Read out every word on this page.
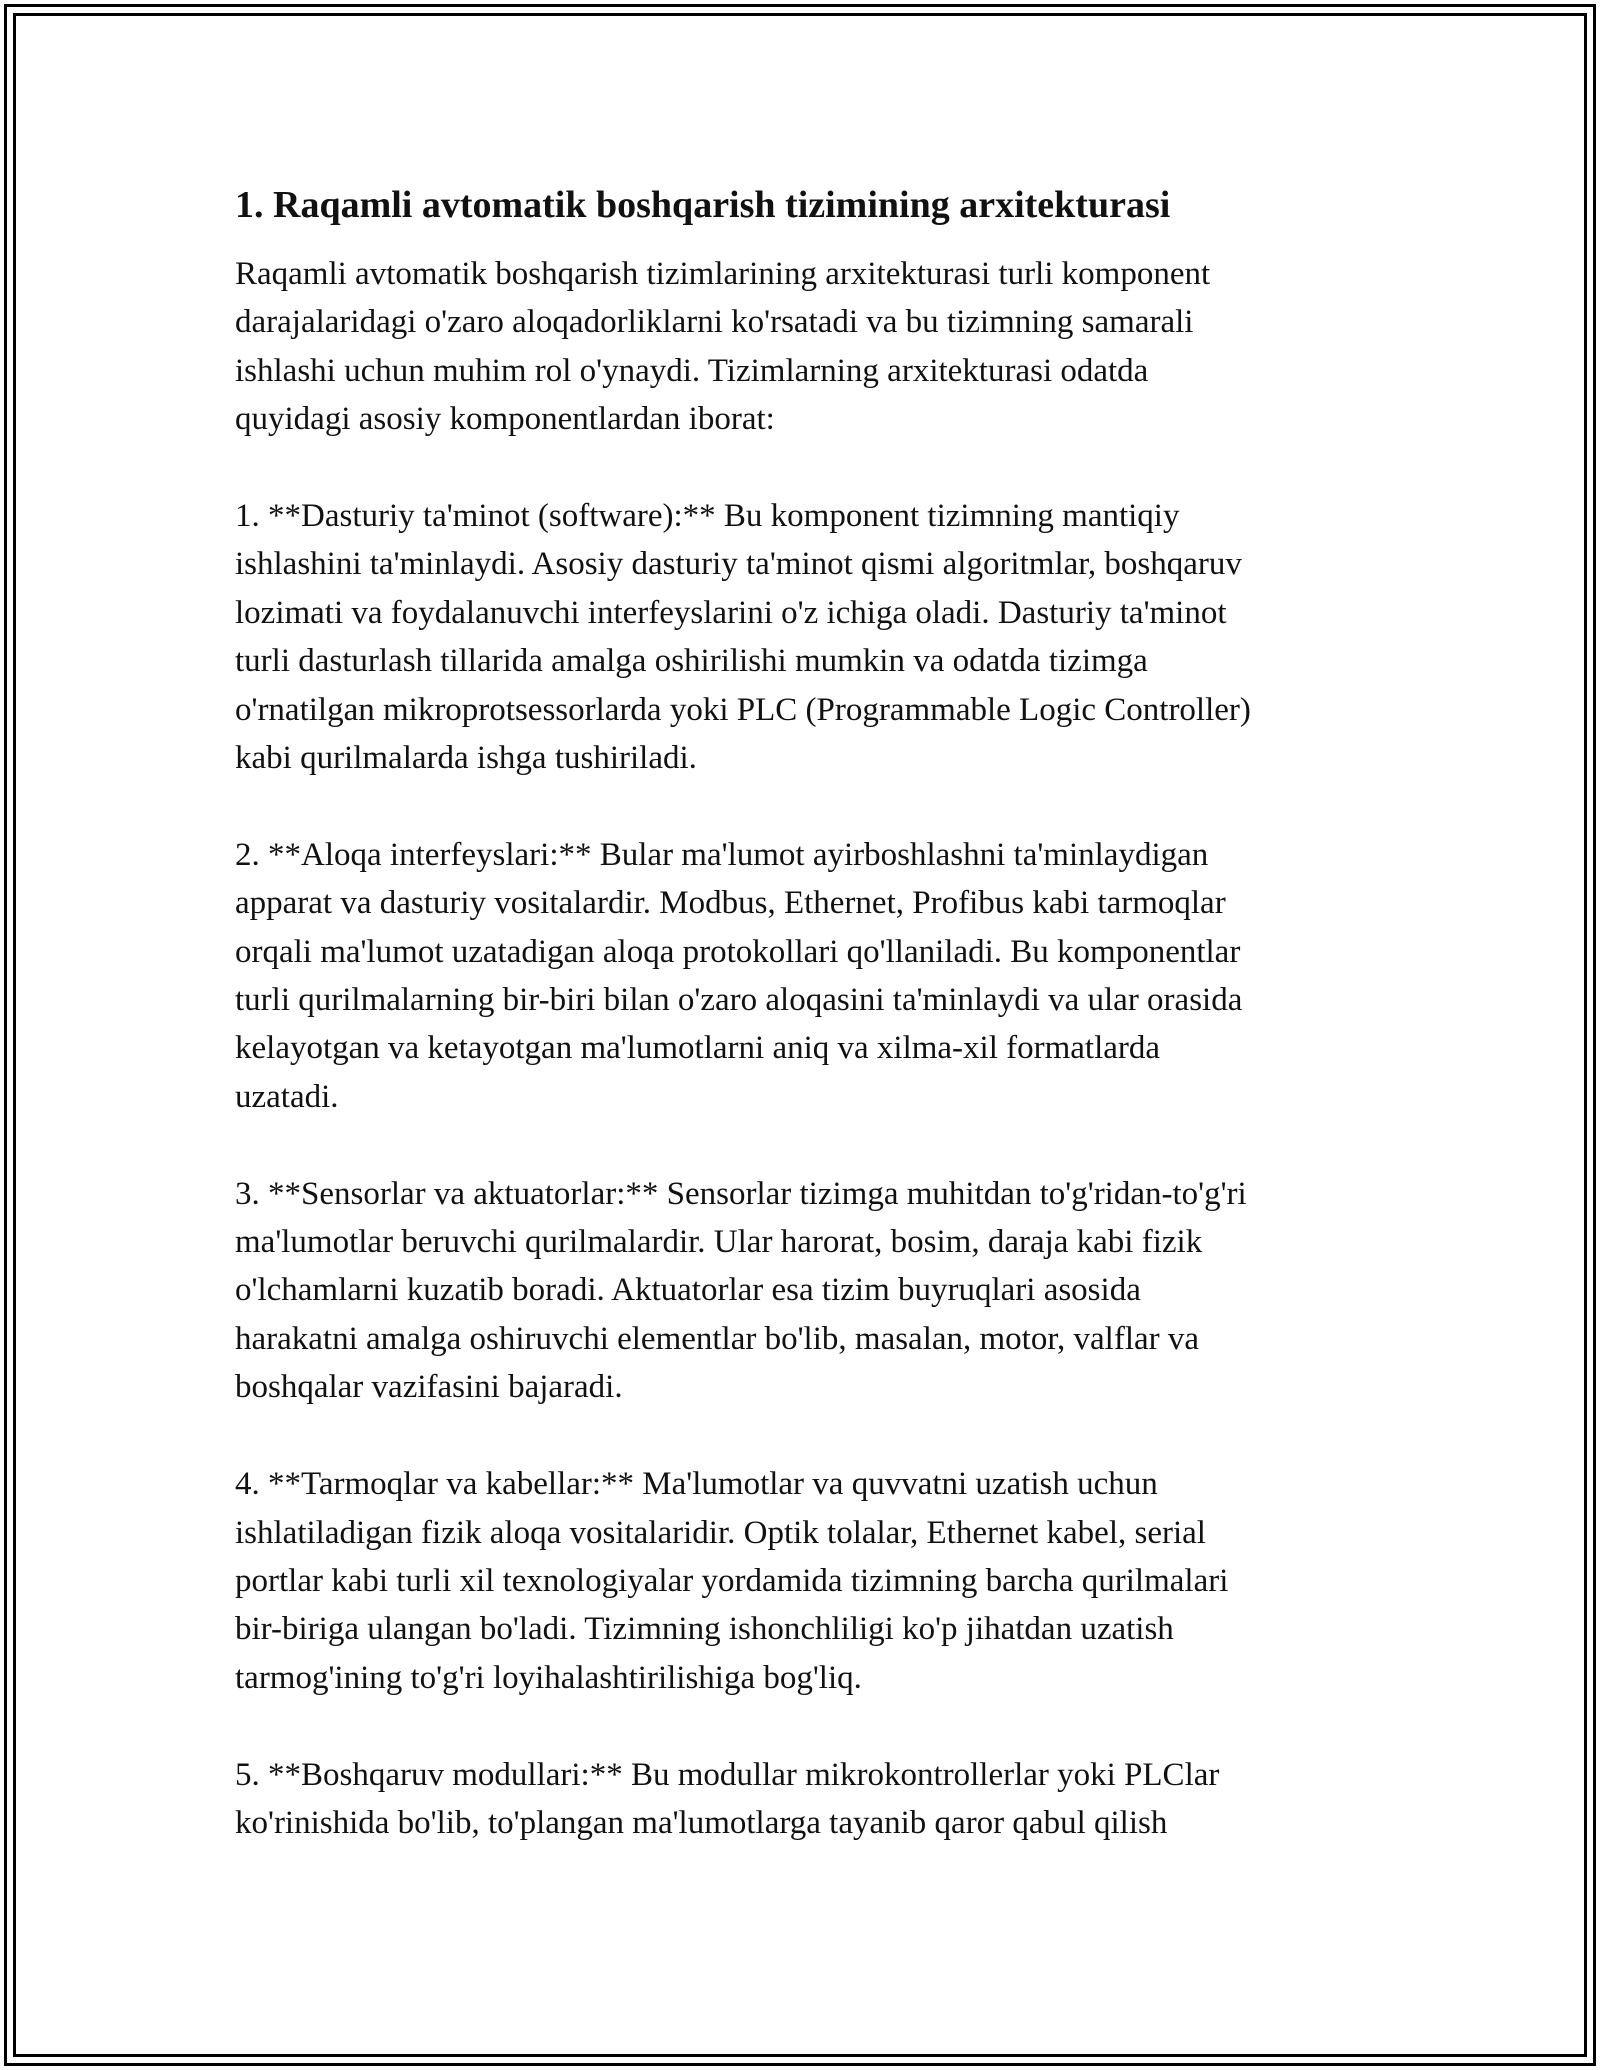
1. Raqamli avtomatik boshqarish tizimining arxitekturasi
Raqamli avtomatik boshqarish tizimlarining arxitekturasi turli komponent
darajalaridagi o'zaro aloqadorliklarni ko'rsatadi va bu tizimning samarali
ishlashi uchun muhim rol o'ynaydi. Tizimlarning arxitekturasi odatda
quyidagi asosiy komponentlardan iborat:
1. **Dasturiy ta'minot (software):** Bu komponent tizimning mantiqiy
ishlashini ta'minlaydi. Asosiy dasturiy ta'minot qismi algoritmlar, boshqaruv
lozimati va foydalanuvchi interfeyslarini o'z ichiga oladi. Dasturiy ta'minot
turli dasturlash tillarida amalga oshirilishi mumkin va odatda tizimga
o'rnatilgan mikroprotsessorlarda yoki PLC (Programmable Logic Controller)
kabi qurilmalarda ishga tushiriladi.
2. **Aloqa interfeyslari:** Bular ma'lumot ayirboshlashni ta'minlaydigan
apparat va dasturiy vositalardir. Modbus, Ethernet, Profibus kabi tarmoqlar
orqali ma'lumot uzatadigan aloqa protokollari qo'llaniladi. Bu komponentlar
turli qurilmalarning bir-biri bilan o'zaro aloqasini ta'minlaydi va ular orasida
kelayotgan va ketayotgan ma'lumotlarni aniq va xilma-xil formatlarda
uzatadi.
3. **Sensorlar va aktuatorlar:** Sensorlar tizimga muhitdan to'g'ridan-to'g'ri
ma'lumotlar beruvchi qurilmalardir. Ular harorat, bosim, daraja kabi fizik
o'lchamlarni kuzatib boradi. Aktuatorlar esa tizim buyruqlari asosida
harakatni amalga oshiruvchi elementlar bo'lib, masalan, motor, valflar va
boshqalar vazifasini bajaradi.
4. **Tarmoqlar va kabellar:** Ma'lumotlar va quvvatni uzatish uchun
ishlatiladigan fizik aloqa vositalaridir. Optik tolalar, Ethernet kabel, serial
portlar kabi turli xil texnologiyalar yordamida tizimning barcha qurilmalari
bir-biriga ulangan bo'ladi. Tizimning ishonchliligi ko'p jihatdan uzatish
tarmog'ining to'g'ri loyihalashtirilishiga bog'liq.
5. **Boshqaruv modullari:** Bu modullar mikrokontrollerlar yoki PLClar
ko'rinishida bo'lib, to'plangan ma'lumotlarga tayanib qaror qabul qilish
